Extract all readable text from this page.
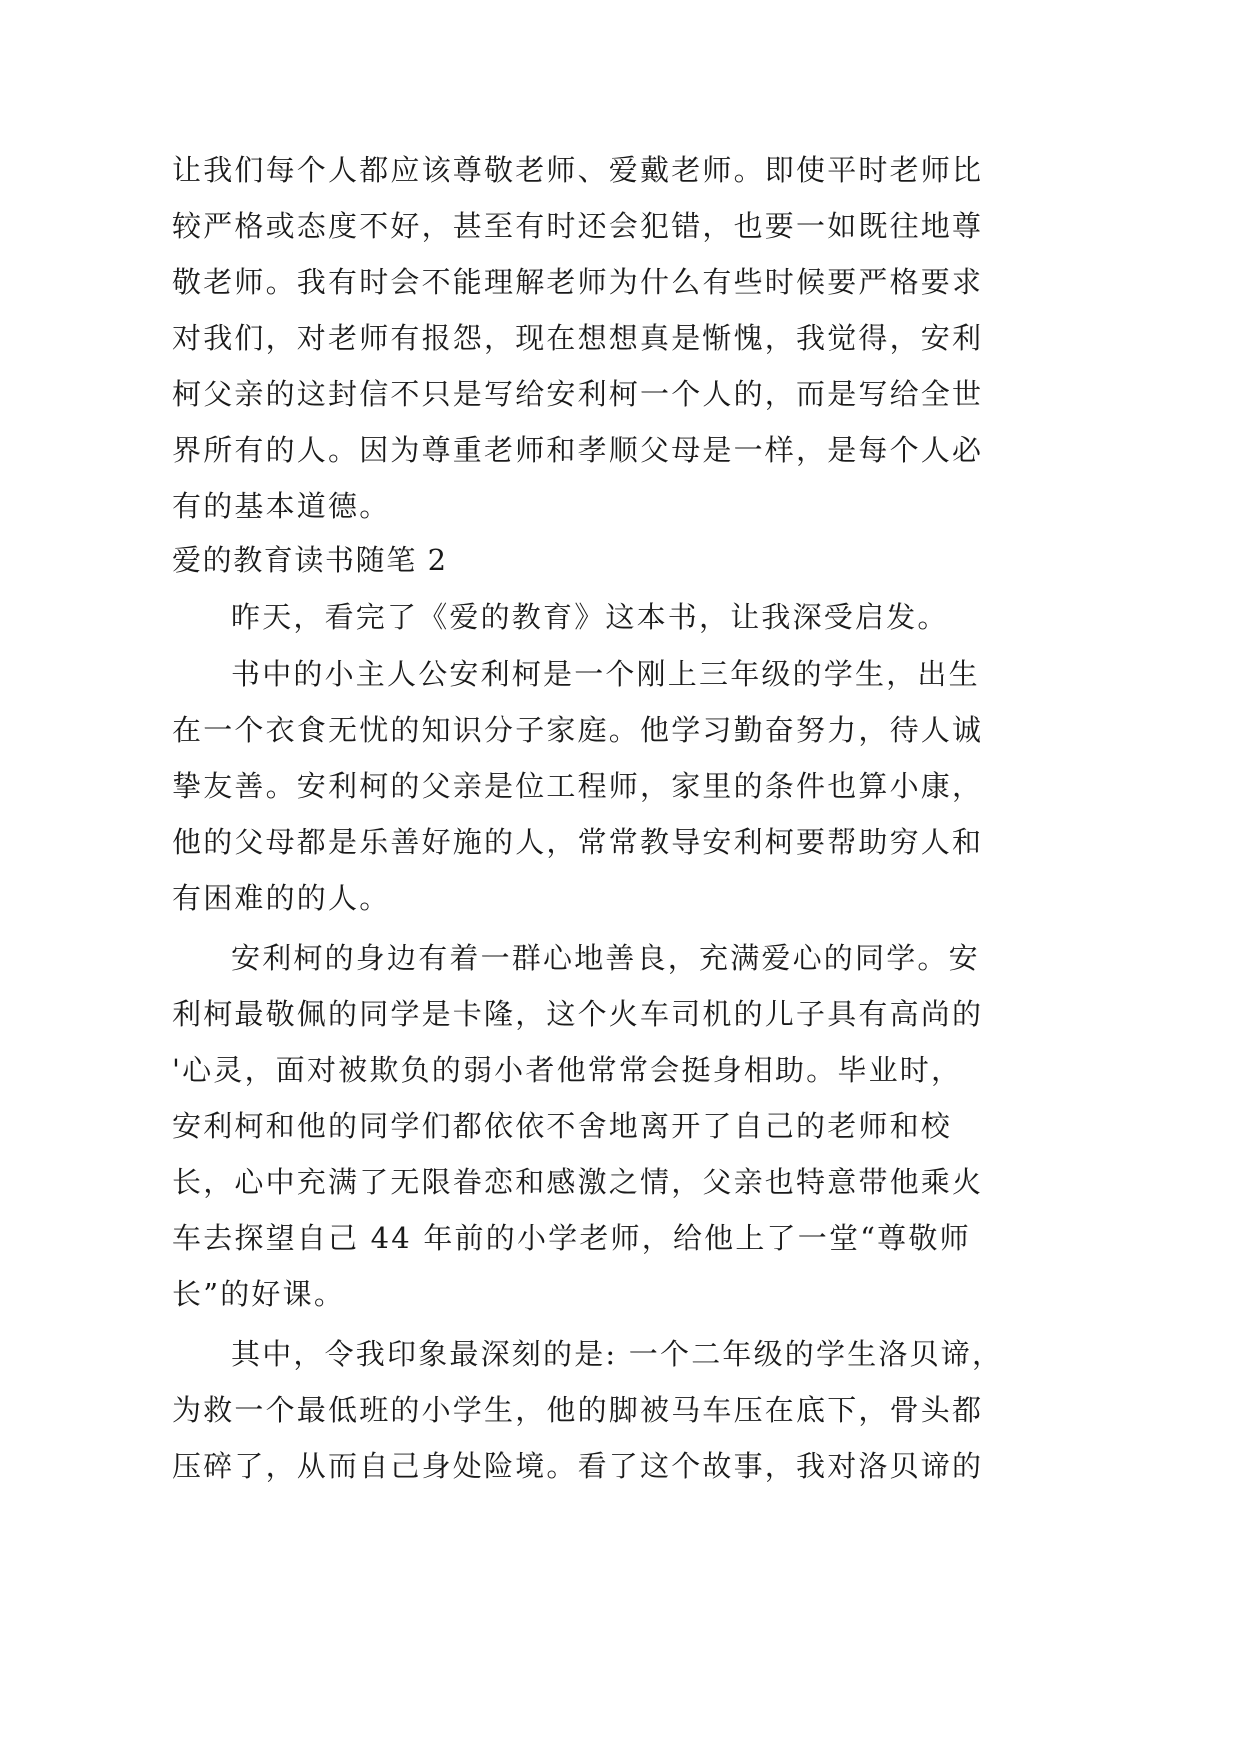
让我们每个人都应该尊敬老师、爱戴老师。即使平时老师比
较严格或态度不好，甚至有时还会犯错，也要一如既往地尊
敬老师。我有时会不能理解老师为什么有些时候要严格要求
对我们，对老师有报怨，现在想想真是惭愧，我觉得，安利
柯父亲的这封信不只是写给安利柯一个人的，而是写给全世
界所有的人。因为尊重老师和孝顺父母是一样，是每个人必
有的基本道德。
爱的教育读书随笔 2
昨天，看完了《爱的教育》这本书，让我深受启发。
书中的小主人公安利柯是一个刚上三年级的学生，出生
在一个衣食无忧的知识分子家庭。他学习勤奋努力，待人诚
挚友善。安利柯的父亲是位工程师，家里的条件也算小康，
他的父母都是乐善好施的人，常常教导安利柯要帮助穷人和
有困难的的人。
安利柯的身边有着一群心地善良，充满爱心的同学。安
利柯最敬佩的同学是卡隆，这个火车司机的儿子具有高尚的
'心灵，面对被欺负的弱小者他常常会挺身相助。毕业时，
安利柯和他的同学们都依依不舍地离开了自己的老师和校
长，心中充满了无限眷恋和感激之情，父亲也特意带他乘火
车去探望自己 44 年前的小学老师，给他上了一堂“尊敬师
长”的好课。
其中，令我印象最深刻的是: 一个二年级的学生洛贝谛，
为救一个最低班的小学生，他的脚被马车压在底下，骨头都
压碎了，从而自己身处险境。看了这个故事，我对洛贝谛的
